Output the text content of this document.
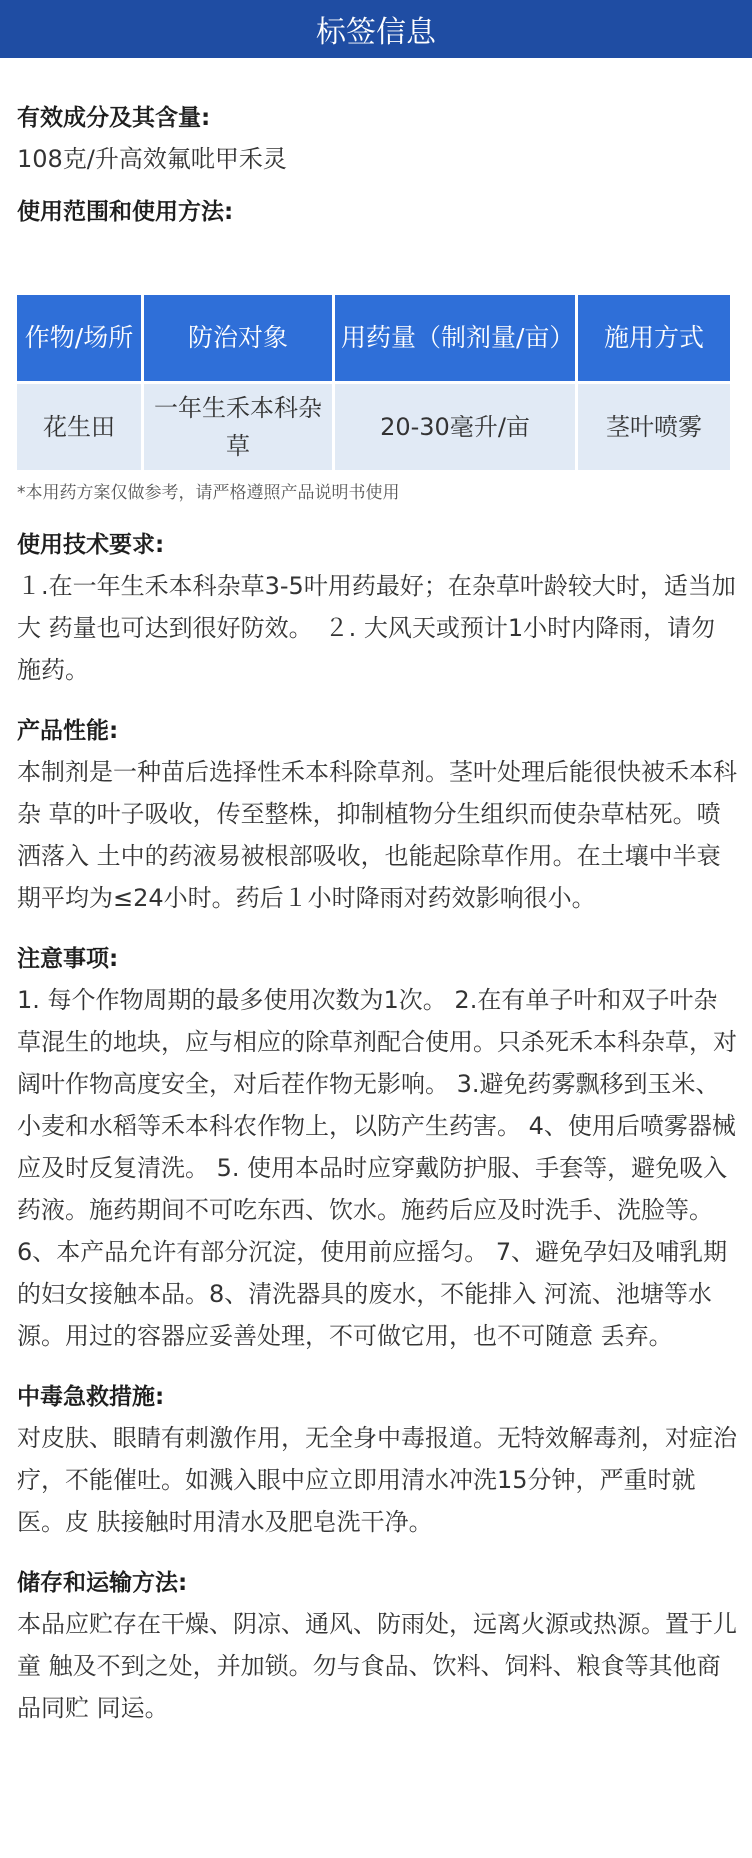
标签信息

有效成分及其含量:

108克/升高效氟吡甲禾灵

使用范围和使用方法:

作物/场所	防治对象	用药量（制剂量/亩）	施用方式
花生田	一年生禾本科杂草	20-30毫升/亩	茎叶喷雾

*本用药方案仅做参考，请严格遵照产品说明书使用

使用技术要求:

１.在一年生禾本科杂草3-5叶用药最好；在杂草叶龄较大时，适当加大 药量也可达到很好防效。　２. 大风天或预计1小时内降雨，请勿施药。

产品性能:

本制剂是一种苗后选择性禾本科除草剂。茎叶处理后能很快被禾本科杂 草的叶子吸收，传至整株，抑制植物分生组织而使杂草枯死。喷洒落入 土中的药液易被根部吸收，也能起除草作用。在土壤中半衰期平均为≤24小时。药后１小时降雨对药效影响很小。

注意事项:

1. 每个作物周期的最多使用次数为1次。 2.在有单子叶和双子叶杂草混生的地块，应与相应的除草剂配合使用。只杀死禾本科杂草，对阔叶作物高度安全，对后茬作物无影响。 3.避免药雾飘移到玉米、小麦和水稻等禾本科农作物上，以防产生药害。 4、使用后喷雾器械应及时反复清洗。 5. 使用本品时应穿戴防护服、手套等，避免吸入药液。施药期间不可吃东西、饮水。施药后应及时洗手、洗脸等。 6、本产品允许有部分沉淀，使用前应摇匀。 7、避免孕妇及哺乳期的妇女接触本品。8、清洗器具的废水，不能排入 河流、池塘等水源。用过的容器应妥善处理，不可做它用，也不可随意 丢弃。

中毒急救措施:

对皮肤、眼睛有刺激作用，无全身中毒报道。无特效解毒剂，对症治 疗，不能催吐。如溅入眼中应立即用清水冲洗15分钟，严重时就医。皮 肤接触时用清水及肥皂洗干净。

储存和运输方法:

本品应贮存在干燥、阴凉、通风、防雨处，远离火源或热源。置于儿童 触及不到之处，并加锁。勿与食品、饮料、饲料、粮食等其他商品同贮 同运。
